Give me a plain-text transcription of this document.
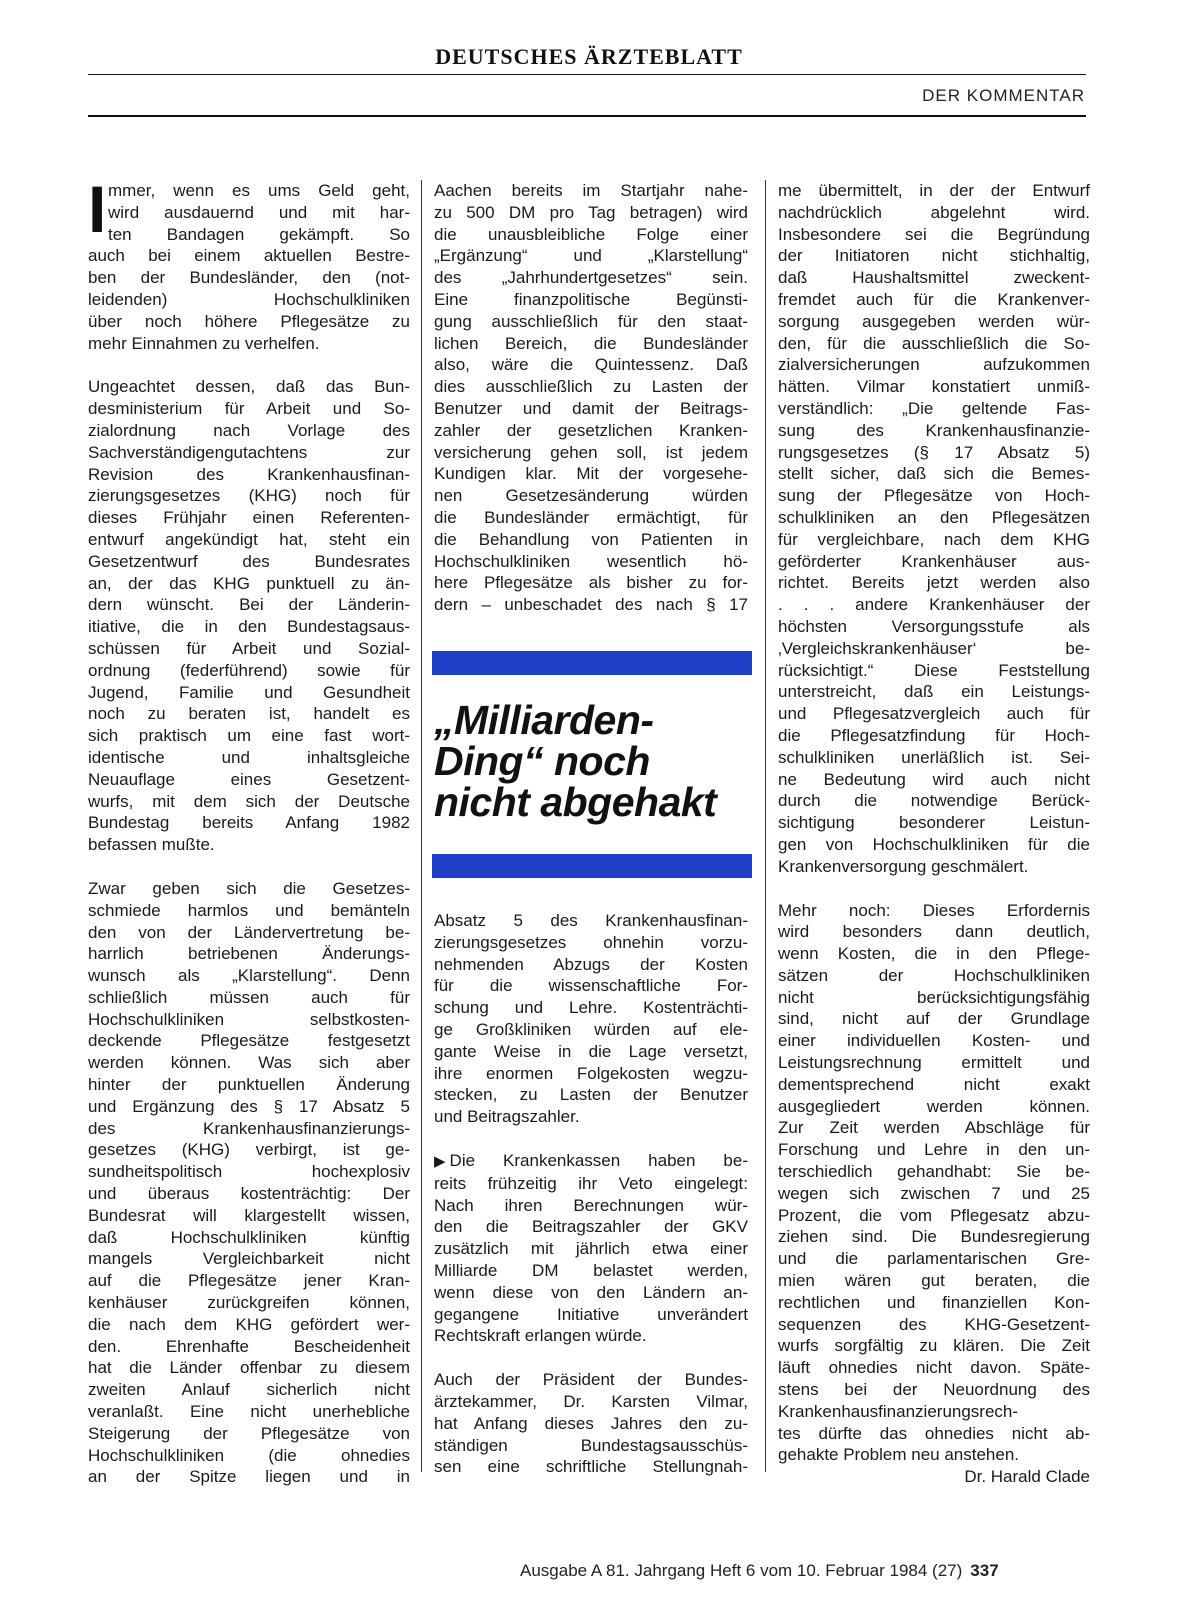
DEUTSCHES ÄRZTEBLATT
DER KOMMENTAR
I mmer, wenn es ums Geld geht,
wird ausdauernd und mit har-
ten Bandagen gekämpft. So
auch bei einem aktuellen Bestre-
ben der Bundesländer, den (not-
leidenden) Hochschulkliniken
über noch höhere Pflegesätze zu
mehr Einnahmen zu verhelfen.
Ungeachtet dessen, daß das Bun-
desministerium für Arbeit und So-
zialordnung nach Vorlage des
Sachverständigengutachtens zur
Revision des Krankenhausfinan-
zierungsgesetzes (KHG) noch für
dieses Frühjahr einen Referenten-
entwurf angekündigt hat, steht ein
Gesetzentwurf des Bundesrates
an, der das KHG punktuell zu än-
dern wünscht. Bei der Länderin-
itiative, die in den Bundestagsaus-
schüssen für Arbeit und Sozial-
ordnung (federführend) sowie für
Jugend, Familie und Gesundheit
noch zu beraten ist, handelt es
sich praktisch um eine fast wort-
identische und inhaltsgleiche
Neuauflage eines Gesetzent-
wurfs, mit dem sich der Deutsche
Bundestag bereits Anfang 1982
befassen mußte.
Zwar geben sich die Gesetzes-
schmiede harmlos und bemänteln
den von der Ländervertretung be-
harrlich betriebenen Änderungs-
wunsch als „Klarstellung“. Denn
schließlich müssen auch für
Hochschulkliniken selbstkosten-
deckende Pflegesätze festgesetzt
werden können. Was sich aber
hinter der punktuellen Änderung
und Ergänzung des § 17 Absatz 5
des Krankenhausfinanzierungs-
gesetzes (KHG) verbirgt, ist ge-
sundheitspolitisch hochexplosiv
und überaus kostenträchtig: Der
Bundesrat will klargestellt wissen,
daß Hochschulkliniken künftig
mangels Vergleichbarkeit nicht
auf die Pflegesätze jener Kran-
kenhäuser zurückgreifen können,
die nach dem KHG gefördert wer-
den. Ehrenhafte Bescheidenheit
hat die Länder offenbar zu diesem
zweiten Anlauf sicherlich nicht
veranlaßt. Eine nicht unerhebliche
Steigerung der Pflegesätze von
Hochschulkliniken (die ohnedies
an der Spitze liegen und in
Aachen bereits im Startjahr nahe-
zu 500 DM pro Tag betragen) wird
die unausbleibliche Folge einer
„Ergänzung“ und „Klarstellung“
des „Jahrhundertgesetzes“ sein.
Eine finanzpolitische Begünsti-
gung ausschließlich für den staat-
lichen Bereich, die Bundesländer
also, wäre die Quintessenz. Daß
dies ausschließlich zu Lasten der
Benutzer und damit der Beitrags-
zahler der gesetzlichen Kranken-
versicherung gehen soll, ist jedem
Kundigen klar. Mit der vorgesehe-
nen Gesetzesänderung würden
die Bundesländer ermächtigt, für
die Behandlung von Patienten in
Hochschulkliniken wesentlich hö-
here Pflegesätze als bisher zu for-
dern – unbeschadet des nach § 17
„Milliarden-
Ding“ noch
nicht abgehakt
Absatz 5 des Krankenhausfinan-
zierungsgesetzes ohnehin vorzu-
nehmenden Abzugs der Kosten
für die wissenschaftliche For-
schung und Lehre. Kostenträchti-
ge Großkliniken würden auf ele-
gante Weise in die Lage versetzt,
ihre enormen Folgekosten wegzu-
stecken, zu Lasten der Benutzer
und Beitragszahler.
▶ Die Krankenkassen haben be-
reits frühzeitig ihr Veto eingelegt:
Nach ihren Berechnungen wür-
den die Beitragszahler der GKV
zusätzlich mit jährlich etwa einer
Milliarde DM belastet werden,
wenn diese von den Ländern an-
gegangene Initiative unverändert
Rechtskraft erlangen würde.
Auch der Präsident der Bundes-
ärztekammer, Dr. Karsten Vilmar,
hat Anfang dieses Jahres den zu-
ständigen Bundestagsausschüs-
sen eine schriftliche Stellungnah-
me übermittelt, in der der Entwurf
nachdrücklich abgelehnt wird.
Insbesondere sei die Begründung
der Initiatoren nicht stichhaltig,
daß Haushaltsmittel zweckent-
fremdet auch für die Krankenver-
sorgung ausgegeben werden wür-
den, für die ausschließlich die So-
zialversicherungen aufzukommen
hätten. Vilmar konstatiert unmiß-
verständlich: „Die geltende Fas-
sung des Krankenhausfinanzie-
rungsgesetzes (§ 17 Absatz 5)
stellt sicher, daß sich die Bemes-
sung der Pflegesätze von Hoch-
schulkliniken an den Pflegesätzen
für vergleichbare, nach dem KHG
geförderter Krankenhäuser aus-
richtet. Bereits jetzt werden also
. . . andere Krankenhäuser der
höchsten Versorgungsstufe als
‚Vergleichskrankenhäuser‘ be-
rücksichtigt.“ Diese Feststellung
unterstreicht, daß ein Leistungs-
und Pflegesatzvergleich auch für
die Pflegesatzfindung für Hoch-
schulkliniken unerläßlich ist. Sei-
ne Bedeutung wird auch nicht
durch die notwendige Berück-
sichtigung besonderer Leistun-
gen von Hochschulkliniken für die
Krankenversorgung geschmälert.
Mehr noch: Dieses Erfordernis
wird besonders dann deutlich,
wenn Kosten, die in den Pflege-
sätzen der Hochschulkliniken
nicht berücksichtigungsfähig
sind, nicht auf der Grundlage
einer individuellen Kosten- und
Leistungsrechnung ermittelt und
dementsprechend nicht exakt
ausgegliedert werden können.
Zur Zeit werden Abschläge für
Forschung und Lehre in den un-
terschiedlich gehandhabt: Sie be-
wegen sich zwischen 7 und 25
Prozent, die vom Pflegesatz abzu-
ziehen sind. Die Bundesregierung
und die parlamentarischen Gre-
mien wären gut beraten, die
rechtlichen und finanziellen Kon-
sequenzen des KHG-Gesetzent-
wurfs sorgfältig zu klären. Die Zeit
läuft ohnedies nicht davon. Späte-
stens bei der Neuordnung des
Krankenhausfinanzierungsrech-
tes dürfte das ohnedies nicht ab-
gehakte Problem neu anstehen.
Dr. Harald Clade
Ausgabe A 81. Jahrgang Heft 6 vom 10. Februar 1984 (27) 337
